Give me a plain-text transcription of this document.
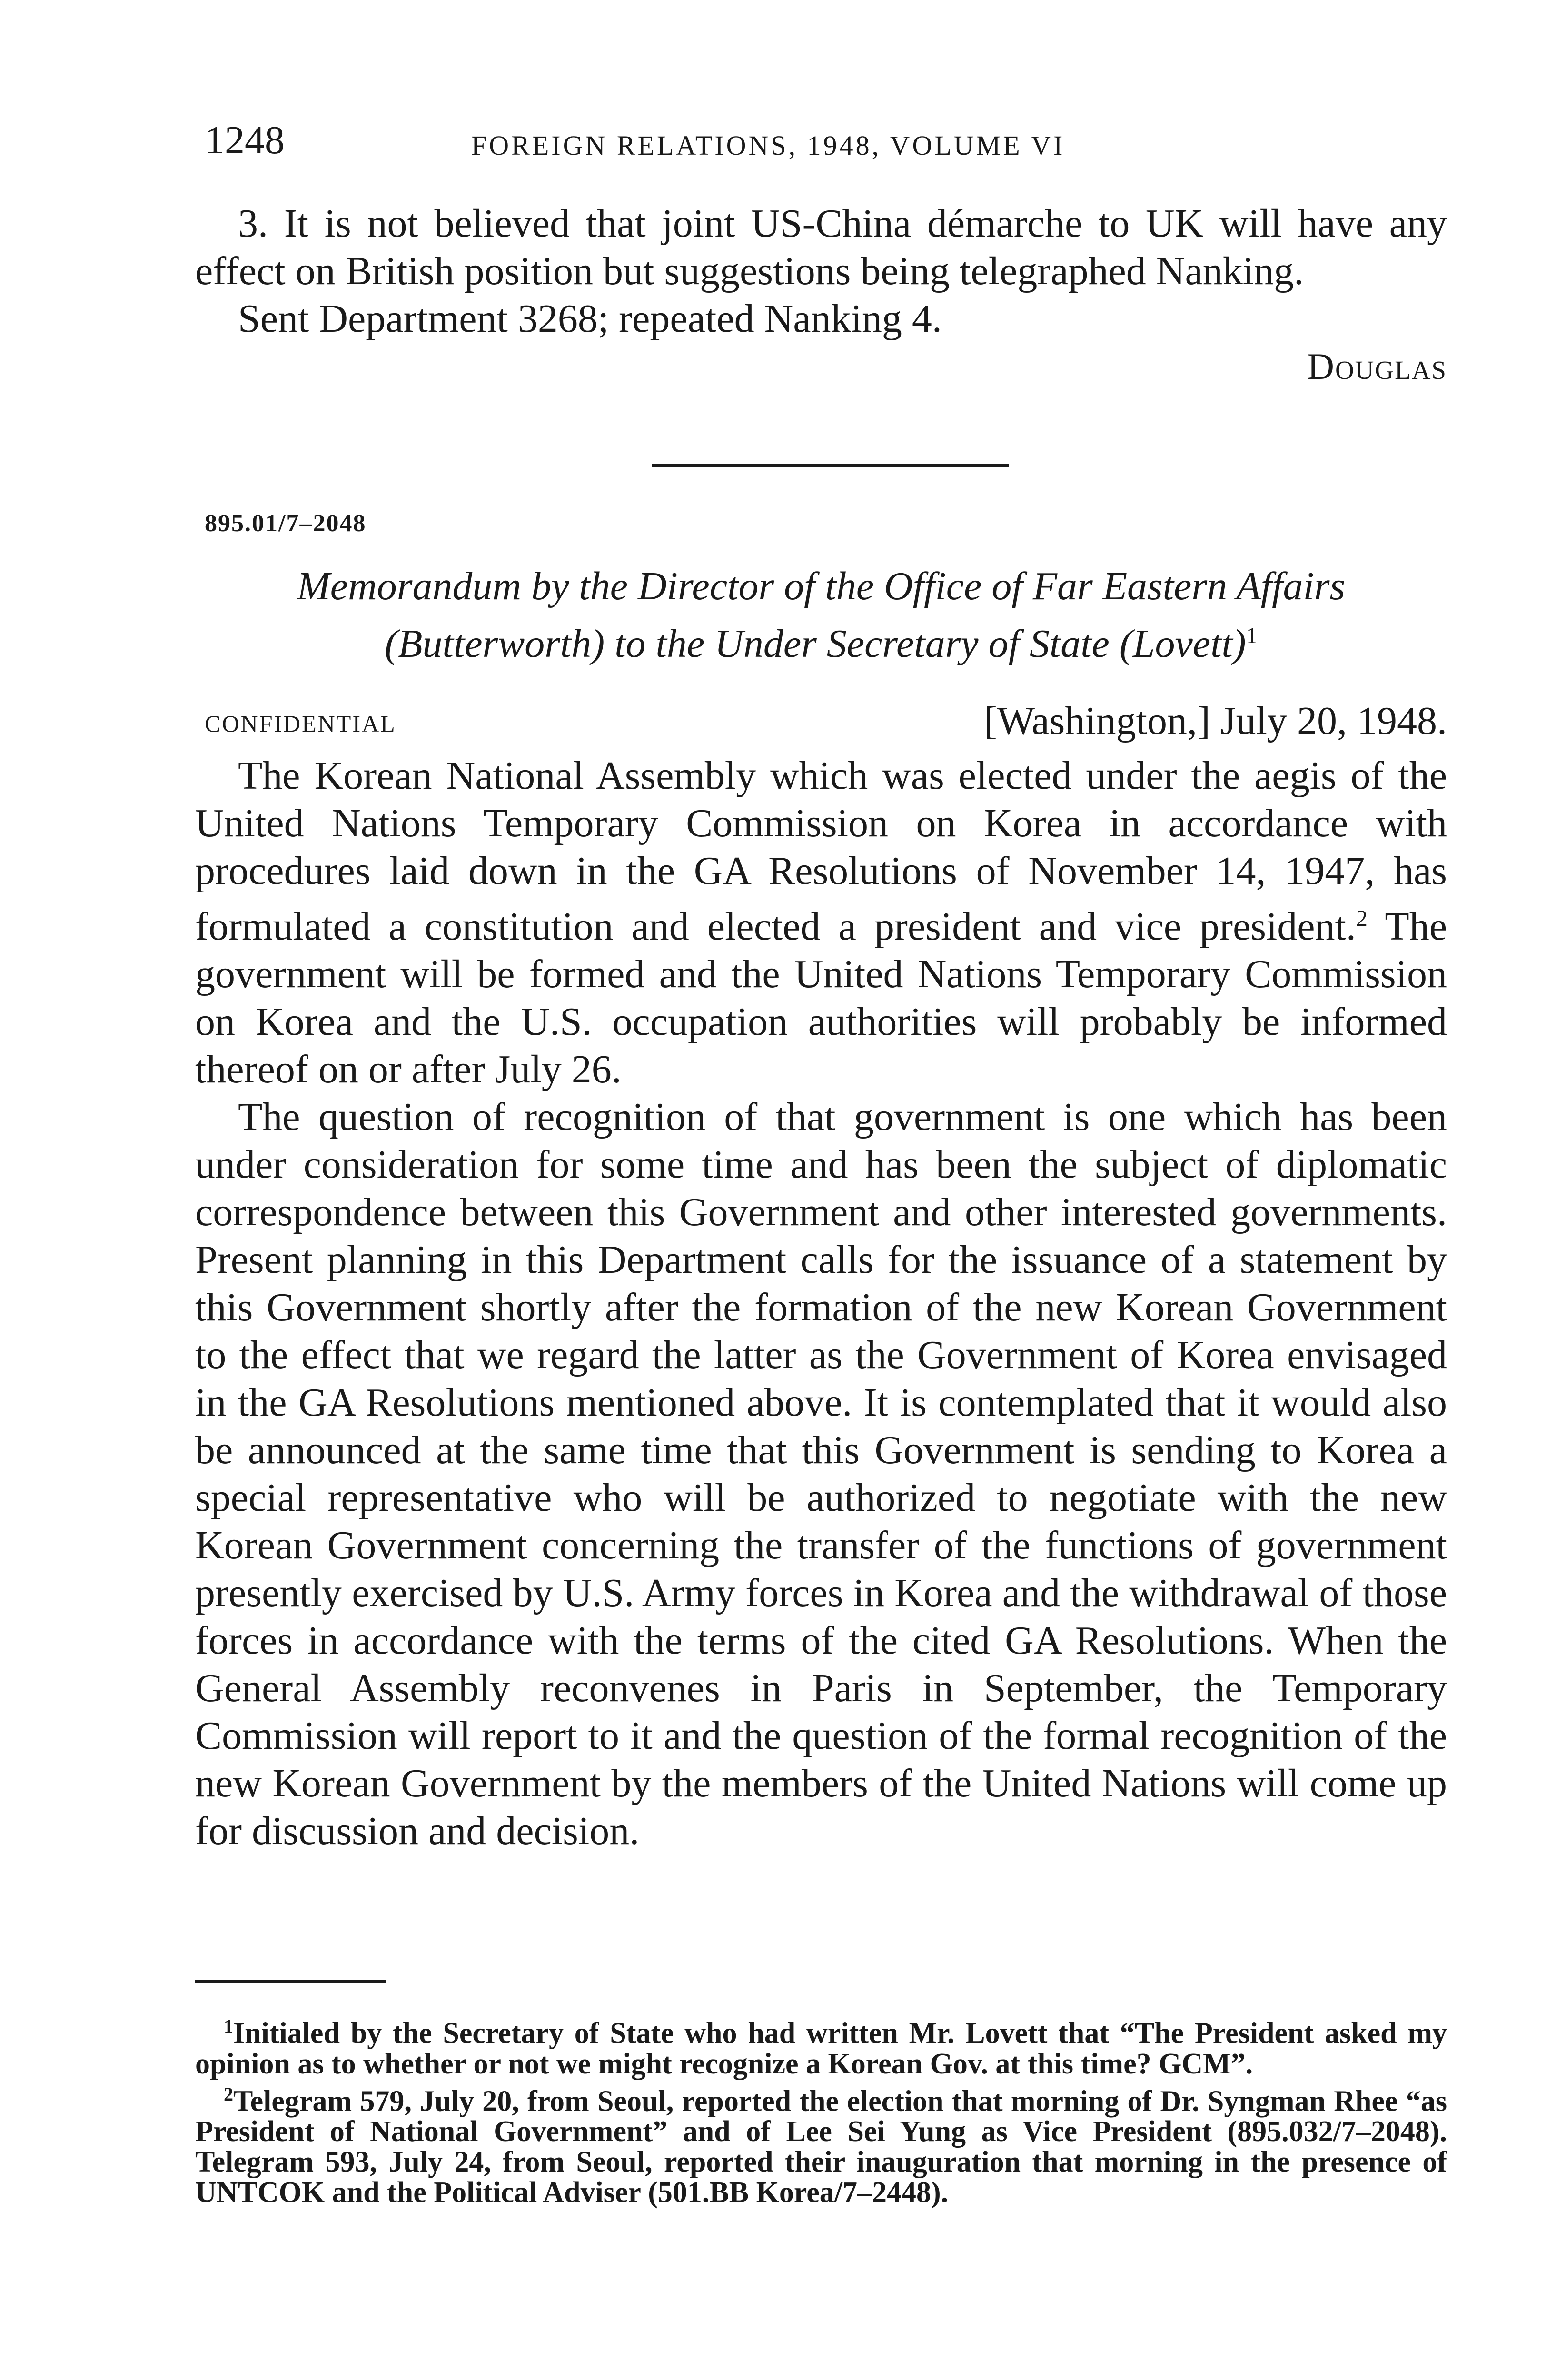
1248	FOREIGN RELATIONS, 1948, VOLUME VI

3. It is not believed that joint US-China démarche to UK will have any effect on British position but suggestions being telegraphed Nanking.

Sent Department 3268; repeated Nanking 4.

Douglas

895.01/7–2048
Memorandum by the Director of the Office of Far Eastern Affairs
(Butterworth) to the Under Secretary of State (Lovett)$^1$
CONFIDENTIAL	[Washington,] July 20, 1948.

The Korean National Assembly which was elected under the aegis of the United Nations Temporary Commission on Korea in accordance with procedures laid down in the GA Resolutions of November 14, 1947, has formulated a constitution and elected a president and vice president.$^2$ The government will be formed and the United Nations Temporary Commission on Korea and the U.S. occupation authorities will probably be informed thereof on or after July 26.

The question of recognition of that government is one which has been under consideration for some time and has been the subject of diplomatic correspondence between this Government and other interested governments. Present planning in this Department calls for the issuance of a statement by this Government shortly after the formation of the new Korean Government to the effect that we regard the latter as the Government of Korea envisaged in the GA Resolutions mentioned above. It is contemplated that it would also be announced at the same time that this Government is sending to Korea a special representative who will be authorized to negotiate with the new Korean Government concerning the transfer of the functions of government presently exercised by U.S. Army forces in Korea and the withdrawal of those forces in accordance with the terms of the cited GA Resolutions. When the General Assembly reconvenes in Paris in September, the Temporary Commission will report to it and the question of the formal recognition of the new Korean Government by the members of the United Nations will come up for discussion and decision.

$^1$Initialed by the Secretary of State who had written Mr. Lovett that “The President asked my opinion as to whether or not we might recognize a Korean Gov. at this time? GCM”.

$^2$Telegram 579, July 20, from Seoul, reported the election that morning of Dr. Syngman Rhee “as President of National Government” and of Lee Sei Yung as Vice President (895.032/7–2048). Telegram 593, July 24, from Seoul, reported their inauguration that morning in the presence of UNTCOK and the Political Adviser (501.BB Korea/7–2448).
